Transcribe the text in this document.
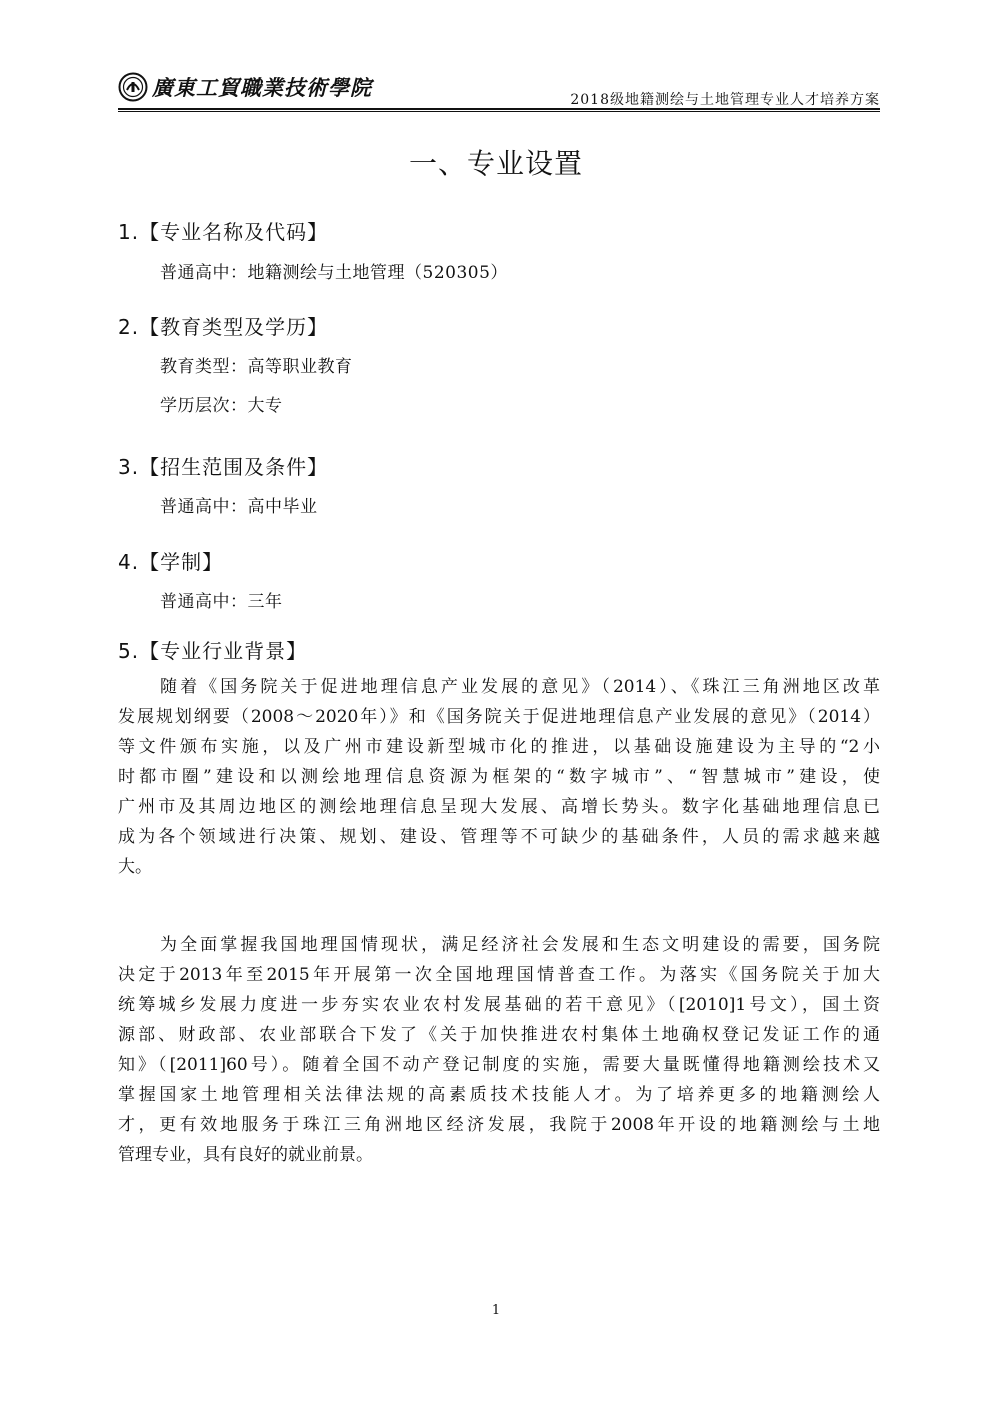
廣東工貿職業技術學院	2018级地籍测绘与土地管理专业人才培养方案
一、专业设置
1.【专业名称及代码】
普通高中：地籍测绘与土地管理（520305）
2.【教育类型及学历】
教育类型：高等职业教育
学历层次：大专
3.【招生范围及条件】
普通高中：高中毕业
4.【学制】
普通高中：三年
5.【专业行业背景】
随着《国务院关于促进地理信息产业发展的意见》（2014）、《珠江三角洲地区改革
发展规划纲要（2008～2020年）》和《国务院关于促进地理信息产业发展的意见》（2014）
等文件颁布实施，以及广州市建设新型城市化的推进，以基础设施建设为主导的“2小
时都市圈”建设和以测绘地理信息资源为框架的“数字城市”、“智慧城市”建设，使
广州市及其周边地区的测绘地理信息呈现大发展、高增长势头。数字化基础地理信息已
成为各个领域进行决策、规划、建设、管理等不可缺少的基础条件，人员的需求越来越
大。
为全面掌握我国地理国情现状，满足经济社会发展和生态文明建设的需要，国务院
决定于2013年至2015年开展第一次全国地理国情普查工作。为落实《国务院关于加大
统筹城乡发展力度进一步夯实农业农村发展基础的若干意见》（[2010]1号文），国土资
源部、财政部、农业部联合下发了《关于加快推进农村集体土地确权登记发证工作的通
知》（[2011]60号）。随着全国不动产登记制度的实施，需要大量既懂得地籍测绘技术又
掌握国家土地管理相关法律法规的高素质技术技能人才。为了培养更多的地籍测绘人
才，更有效地服务于珠江三角洲地区经济发展，我院于2008年开设的地籍测绘与土地
管理专业，具有良好的就业前景。
1
